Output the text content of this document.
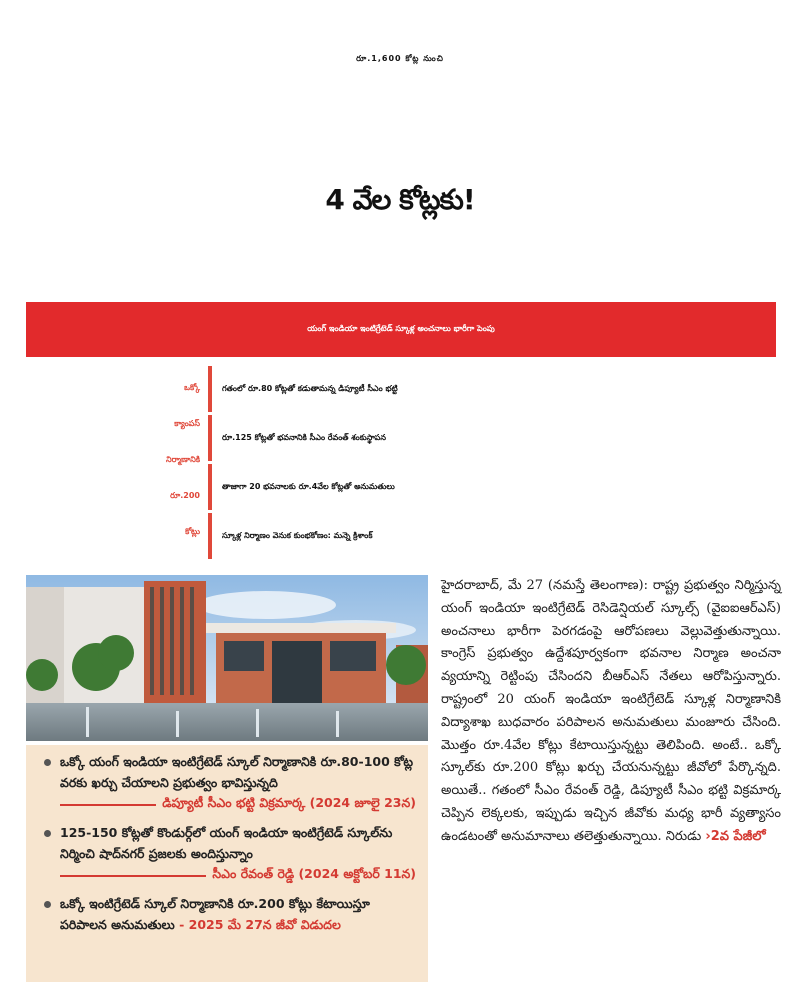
రూ.1,600 కోట్ల నుంచి
4 వేల కోట్లకు!
యంగ్ ఇండియా ఇంటిగ్రేటెడ్ స్కూళ్ల అంచనాలు భారీగా పెంపు
ఒక్కో
క్యాంపస్
నిర్మాణానికి
రూ.200
కోట్లు
గతంలో రూ.80 కోట్లతో కడుతామన్న డిప్యూటీ సీఎం భట్టి
రూ.125 కోట్లతో భవనానికి సీఎం రేవంత్ శంకుస్థాపన
తాజాగా 20 భవనాలకు రూ.4వేల కోట్లతో అనుమతులు
స్కూళ్ల నిర్మాణం వెనుక కుంభకోణం: మన్నె క్రిశాంక్
ఒక్కో యంగ్ ఇండియా ఇంటిగ్రేటెడ్ స్కూల్ నిర్మాణానికి రూ.80-100 కోట్ల వరకు ఖర్చు చేయాలని ప్రభుత్వం భావిస్తున్నది
డిప్యూటీ సీఎం భట్టి విక్రమార్క (2024 జూలై 23న)
125-150 కోట్లతో కొండుర్గ్‌లో యంగ్ ఇండియా ఇంటిగ్రేటెడ్ స్కూల్‌ను నిర్మించి షాద్‌నగర్ ప్రజలకు అందిస్తున్నాం
సీఎం రేవంత్ రెడ్డి (2024 అక్టోబర్ 11న)
ఒక్కో ఇంటిగ్రేటెడ్ స్కూల్ నిర్మాణానికి రూ.200 కోట్లు కేటాయిస్తూ పరిపాలన అనుమతులు - 2025 మే 27న జీవో విడుదల

హైదరాబాద్, మే 27 (నమస్తే తెలంగాణ): రాష్ట్ర ప్రభుత్వం నిర్మిస్తున్న యంగ్ ఇండియా ఇంటిగ్రేటెడ్ రెసిడెన్షియల్ స్కూల్స్ (వైఐఐఆర్ఎస్) అంచనాలు భారీగా పెరగడంపై ఆరోపణలు వెల్లువెత్తుతున్నాయి. కాంగ్రెస్ ప్రభుత్వం ఉద్దేశపూర్వకంగా భవనాల నిర్మాణ అంచనా వ్యయాన్ని రెట్టింపు చేసిందని బీఆర్ఎస్ నేతలు ఆరోపిస్తున్నారు. రాష్ట్రంలో 20 యంగ్ ఇండియా ఇంటిగ్రేటెడ్ స్కూళ్ల నిర్మాణానికి విద్యాశాఖ బుధవారం పరిపాలన అనుమతులు మంజూరు చేసింది. మొత్తం రూ.4వేల కోట్లు కేటాయిస్తున్నట్టు తెలిపింది. అంటే.. ఒక్కో స్కూల్‌కు రూ.200 కోట్లు ఖర్చు చేయనున్నట్టు జీవోలో పేర్కొన్నది. అయితే.. గతంలో సీఎం రేవంత్ రెడ్డి, డిప్యూటీ సీఎం భట్టి విక్రమార్క చెప్పిన లెక్కలకు, ఇప్పుడు ఇచ్చిన జీవోకు మధ్య భారీ వ్యత్యాసం ఉండటంతో అనుమానాలు తలెత్తుతున్నాయి. నిరుడు ›2వ పేజీలో
